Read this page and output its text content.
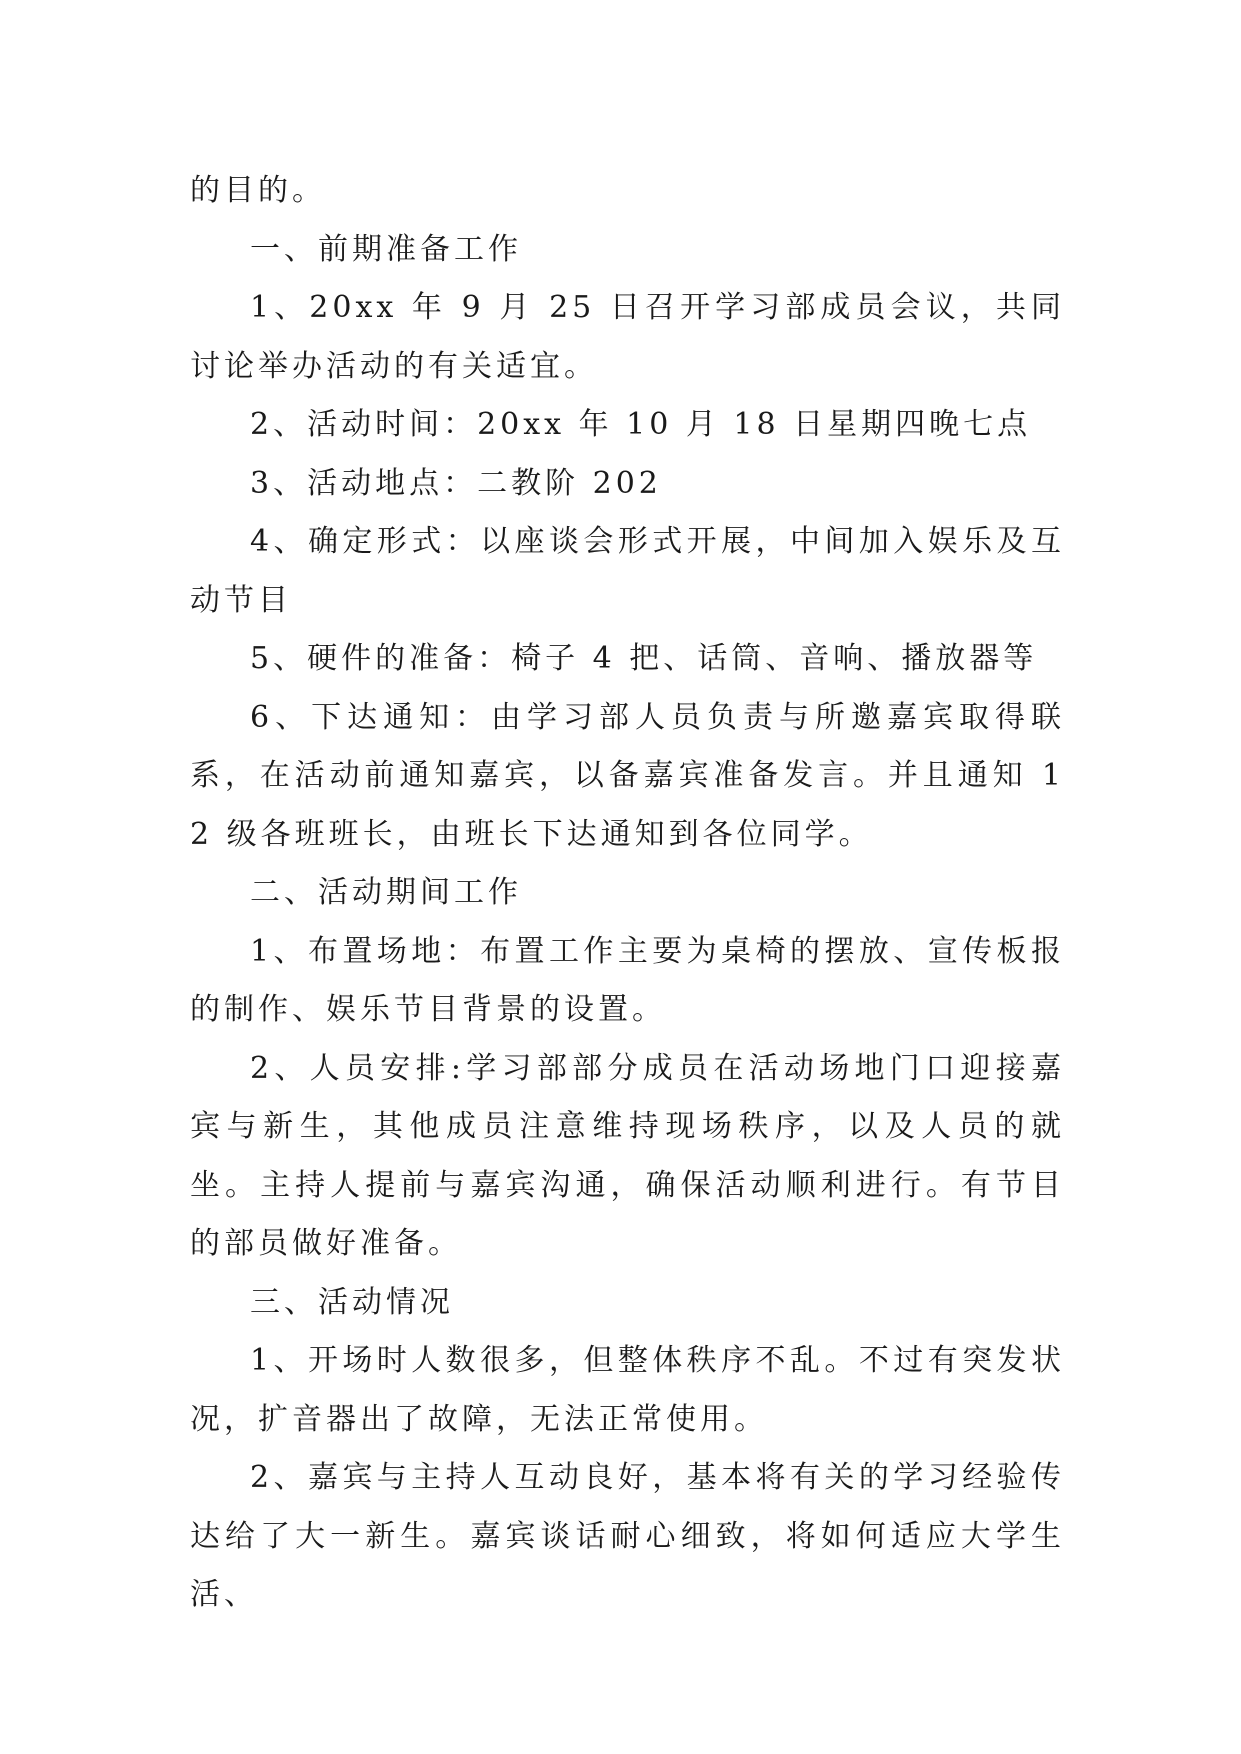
的目的。

一、前期准备工作

1、20xx 年 9 月 25 日召开学习部成员会议，共同讨论举办活动的有关适宜。

2、活动时间：20xx 年 10 月 18 日星期四晚七点

3、活动地点：二教阶 202

4、确定形式：以座谈会形式开展，中间加入娱乐及互动节目

5、硬件的准备：椅子 4 把、话筒、音响、播放器等

6、下达通知：由学习部人员负责与所邀嘉宾取得联系，在活动前通知嘉宾，以备嘉宾准备发言。并且通知 12 级各班班长，由班长下达通知到各位同学。

二、活动期间工作

1、布置场地：布置工作主要为桌椅的摆放、宣传板报的制作、娱乐节目背景的设置。

2、人员安排:学习部部分成员在活动场地门口迎接嘉宾与新生，其他成员注意维持现场秩序，以及人员的就坐。主持人提前与嘉宾沟通，确保活动顺利进行。有节目的部员做好准备。

三、活动情况

1、开场时人数很多，但整体秩序不乱。不过有突发状况，扩音器出了故障，无法正常使用。

2、嘉宾与主持人互动良好，基本将有关的学习经验传达给了大一新生。嘉宾谈话耐心细致，将如何适应大学生活、
